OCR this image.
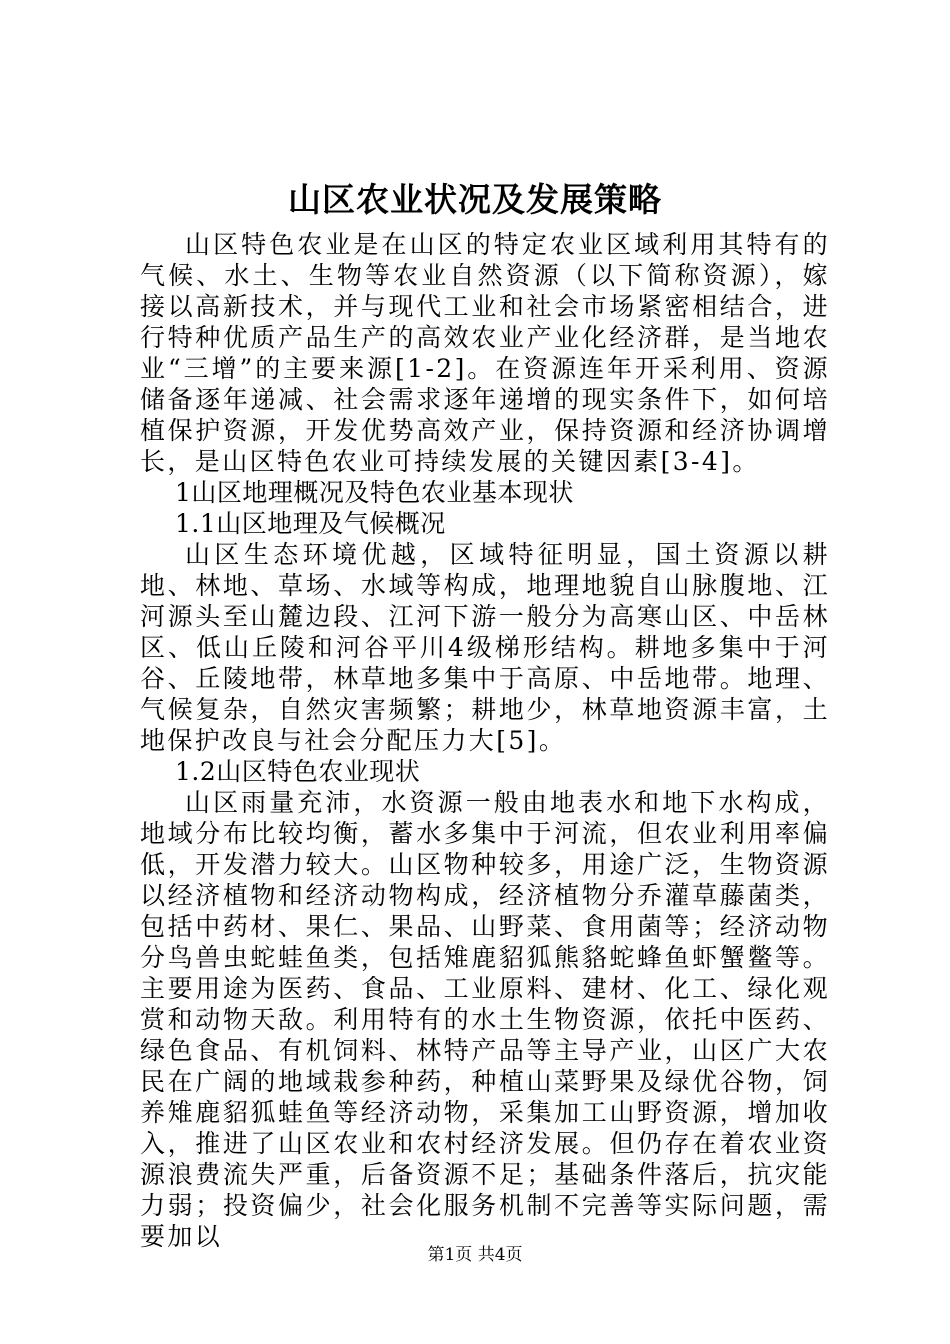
山区农业状况及发展策略

山区特色农业是在山区的特定农业区域利用其特有的气候、水土、生物等农业自然资源（以下简称资源），嫁接以高新技术，并与现代工业和社会市场紧密相结合，进行特种优质产品生产的高效农业产业化经济群，是当地农业“三增”的主要来源[1-2]。在资源连年开采利用、资源储备逐年递减、社会需求逐年递增的现实条件下，如何培植保护资源，开发优势高效产业，保持资源和经济协调增长，是山区特色农业可持续发展的关键因素[3-4]。

1山区地理概况及特色农业基本现状

1.1山区地理及气候概况

山区生态环境优越，区域特征明显，国土资源以耕地、林地、草场、水域等构成，地理地貌自山脉腹地、江河源头至山麓边段、江河下游一般分为高寒山区、中岳林区、低山丘陵和河谷平川4级梯形结构。耕地多集中于河谷、丘陵地带，林草地多集中于高原、中岳地带。地理、气候复杂，自然灾害频繁；耕地少，林草地资源丰富，土地保护改良与社会分配压力大[5]。

1.2山区特色农业现状

山区雨量充沛，水资源一般由地表水和地下水构成，地域分布比较均衡，蓄水多集中于河流，但农业利用率偏低，开发潜力较大。山区物种较多，用途广泛，生物资源以经济植物和经济动物构成，经济植物分乔灌草藤菌类，包括中药材、果仁、果品、山野菜、食用菌等；经济动物分鸟兽虫蛇蛙鱼类，包括雉鹿貂狐熊貉蛇蜂鱼虾蟹鳖等。主要用途为医药、食品、工业原料、建材、化工、绿化观赏和动物天敌。利用特有的水土生物资源，依托中医药、绿色食品、有机饲料、林特产品等主导产业，山区广大农民在广阔的地域栽参种药，种植山菜野果及绿优谷物，饲养雉鹿貂狐蛙鱼等经济动物，采集加工山野资源，增加收入，推进了山区农业和农村经济发展。但仍存在着农业资源浪费流失严重，后备资源不足；基础条件落后，抗灾能力弱；投资偏少，社会化服务机制不完善等实际问题，需要加以

第1页 共4页
